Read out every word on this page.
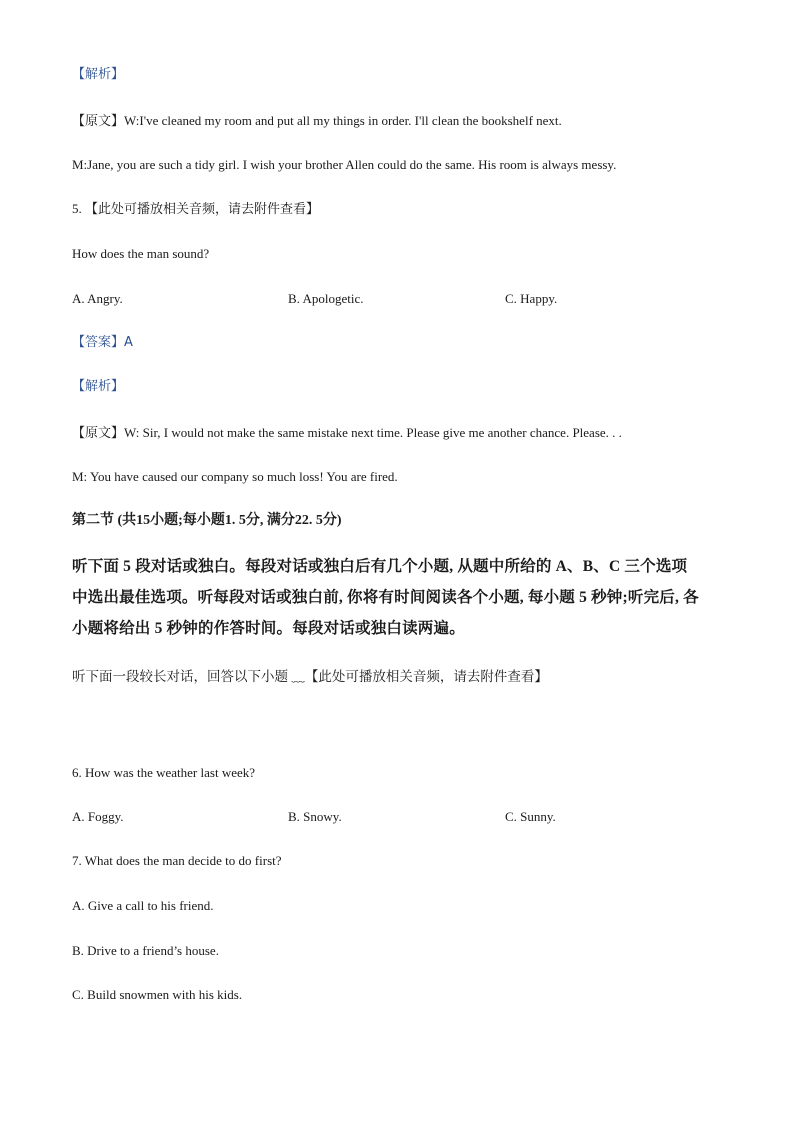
【解析】
【原文】W:I've cleaned my room and put all my things in order. I'll clean the bookshelf next.
M:Jane, you are such a tidy girl. I wish your brother Allen could do the same. His room is always messy.
5. 【此处可播放相关音频，请去附件查看】
How does the man sound?
A. Angry.	B. Apologetic.	C. Happy.
【答案】A
【解析】
【原文】W: Sir, I would not make the same mistake next time. Please give me another chance. Please. . .
M: You have caused our company so much loss! You are fired.
第二节 (共15小题;每小题1. 5分, 满分22. 5分)
听下面 5 段对话或独白。每段对话或独白后有几个小题, 从题中所给的 A、B、C 三个选项
中选出最佳选项。听每段对话或独白前, 你将有时间阅读各个小题, 每小题 5 秒钟;听完后, 各
小题将给出 5 秒钟的作答时间。每段对话或独白读两遍。
听下面一段较长对话，回答以下小题 ﹏【此处可播放相关音频，请去附件查看】
6. How was the weather last week?
A. Foggy.	B. Snowy.	C. Sunny.
7. What does the man decide to do first?
A. Give a call to his friend.
B. Drive to a friend’s house.
C. Build snowmen with his kids.
